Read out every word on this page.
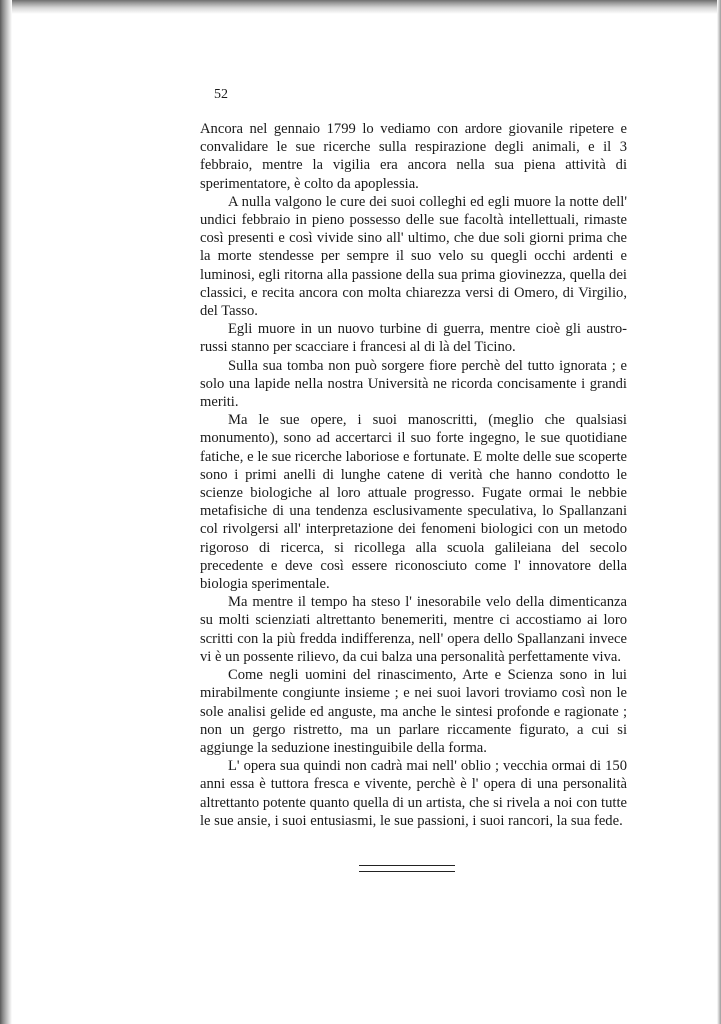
52

Ancora nel gennaio 1799 lo vediamo con ardore giovanile ripetere e convalidare le sue ricerche sulla respirazione degli animali, e il 3 febbraio, mentre la vigilia era ancora nella sua piena attività di sperimentatore, è colto da apoplessia.

A nulla valgono le cure dei suoi colleghi ed egli muore la notte dell' undici febbraio in pieno possesso delle sue facoltà intellettuali, rimaste così presenti e così vivide sino all' ultimo, che due soli giorni prima che la morte stendesse per sempre il suo velo su quegli occhi ardenti e luminosi, egli ritorna alla passione della sua prima giovinezza, quella dei classici, e recita ancora con molta chiarezza versi di Omero, di Virgilio, del Tasso.

Egli muore in un nuovo turbine di guerra, mentre cioè gli austro-russi stanno per scacciare i francesi al di là del Ticino.

Sulla sua tomba non può sorgere fiore perchè del tutto ignorata ; e solo una lapide nella nostra Università ne ricorda concisamente i grandi meriti.

Ma le sue opere, i suoi manoscritti, (meglio che qualsiasi monumento), sono ad accertarci il suo forte ingegno, le sue quotidiane fatiche, e le sue ricerche laboriose e fortunate. E molte delle sue scoperte sono i primi anelli di lunghe catene di verità che hanno condotto le scienze biologiche al loro attuale progresso. Fugate ormai le nebbie metafisiche di una tendenza esclusivamente speculativa, lo Spallanzani col rivolgersi all' interpretazione dei fenomeni biologici con un metodo rigoroso di ricerca, si ricollega alla scuola galileiana del secolo precedente e deve così essere riconosciuto come l' innovatore della biologia sperimentale.

Ma mentre il tempo ha steso l' inesorabile velo della dimenticanza su molti scienziati altrettanto benemeriti, mentre ci accostiamo ai loro scritti con la più fredda indifferenza, nell' opera dello Spallanzani invece vi è un possente rilievo, da cui balza una personalità perfettamente viva.

Come negli uomini del rinascimento, Arte e Scienza sono in lui mirabilmente congiunte insieme ; e nei suoi lavori troviamo così non le sole analisi gelide ed anguste, ma anche le sintesi profonde e ragionate ; non un gergo ristretto, ma un parlare riccamente figurato, a cui si aggiunge la seduzione inestinguibile della forma.

L' opera sua quindi non cadrà mai nell' oblio ; vecchia ormai di 150 anni essa è tuttora fresca e vivente, perchè è l' opera di una personalità altrettanto potente quanto quella di un artista, che si rivela a noi con tutte le sue ansie, i suoi entusiasmi, le sue passioni, i suoi rancori, la sua fede.
